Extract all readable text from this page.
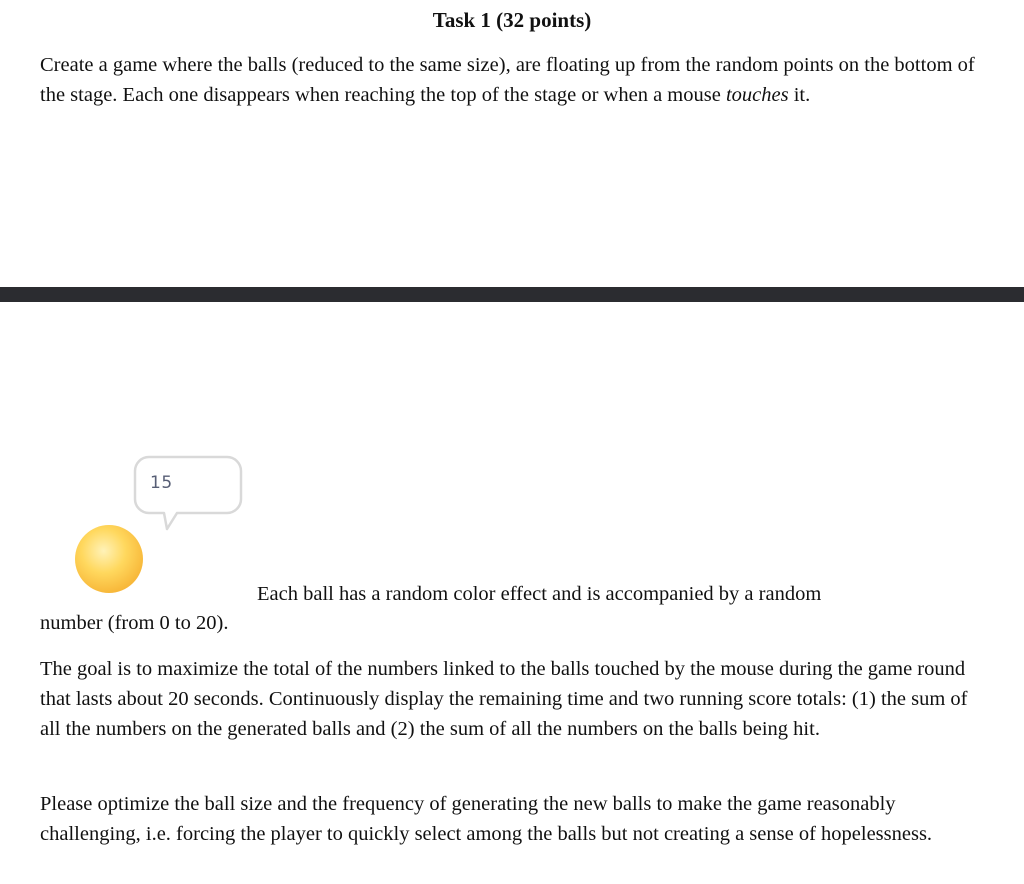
Task 1 (32 points)

Create a game where the balls (reduced to the same size), are floating up from the random points on the bottom of the stage. Each one disappears when reaching the top of the stage or when a mouse touches it.

15
Each ball has a random color effect and is accompanied by a random
number (from 0 to 20).

The goal is to maximize the total of the numbers linked to the balls touched by the mouse during the game round that lasts about 20 seconds. Continuously display the remaining time and two running score totals: (1) the sum of all the numbers on the generated balls and (2) the sum of all the numbers on the balls being hit.

Please optimize the ball size and the frequency of generating the new balls to make the game reasonably challenging, i.e. forcing the player to quickly select among the balls but not creating a sense of hopelessness.
